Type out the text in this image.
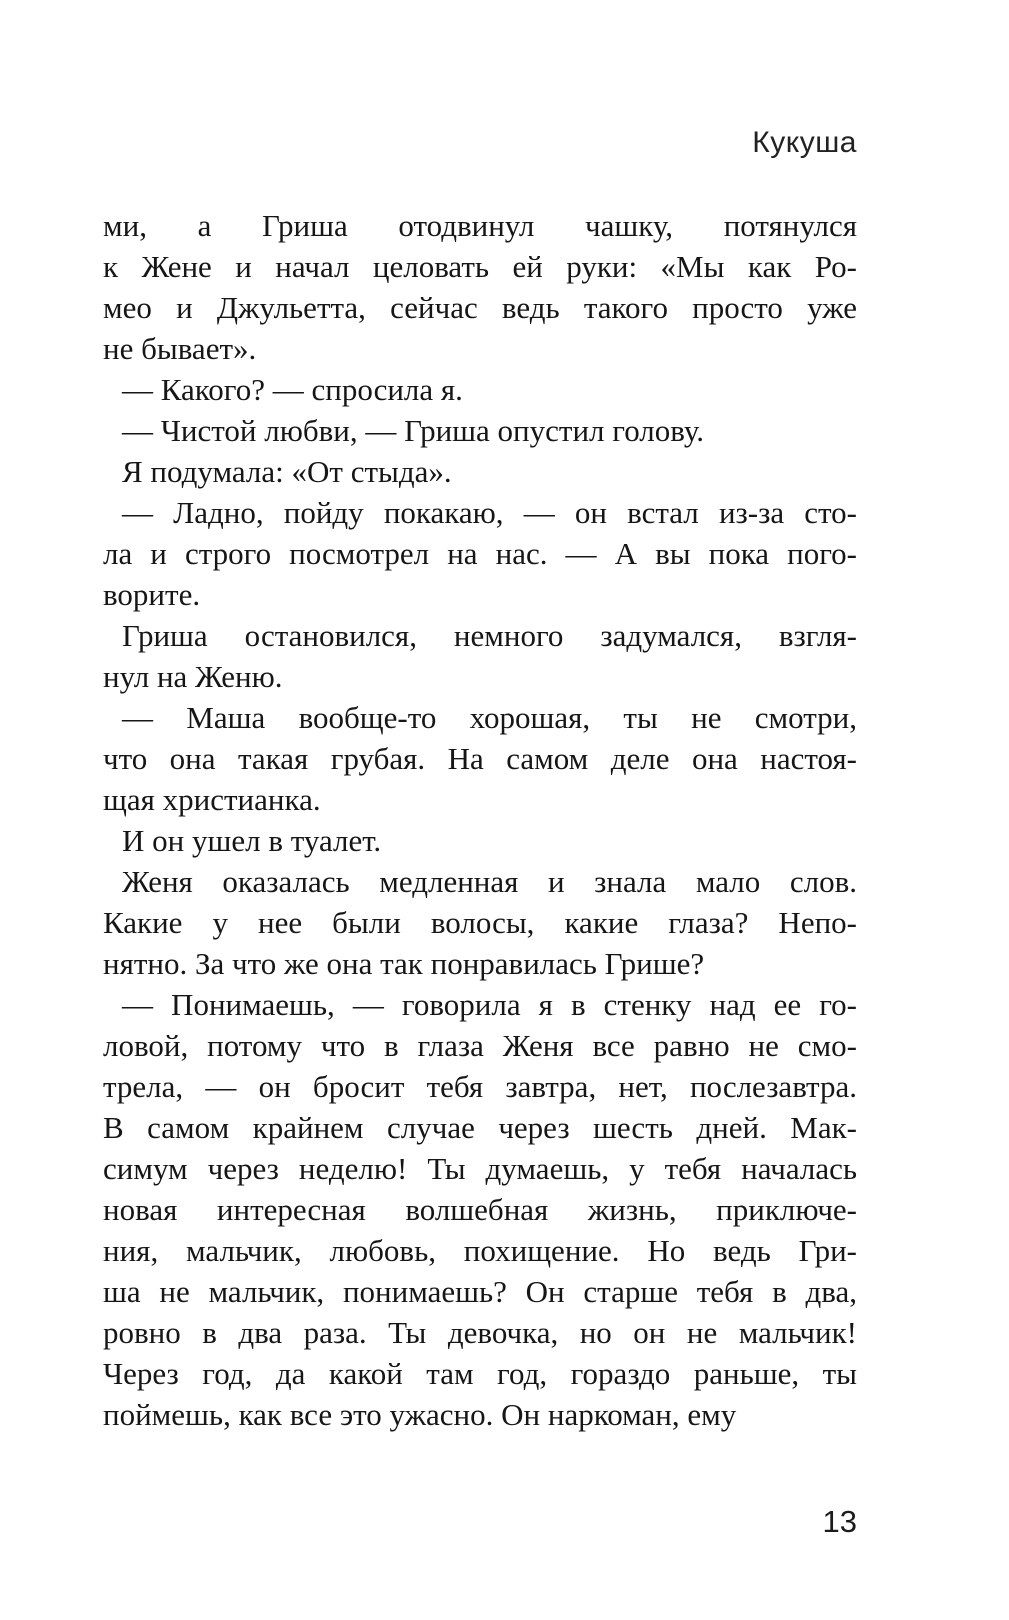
Кукуша
ми, а Гриша отодвинул чашку, потянулся
к Жене и начал целовать ей руки: «Мы как Ро-
мео и Джульетта, сейчас ведь такого просто уже
не бывает».
— Какого? — спросила я.
— Чистой любви, — Гриша опустил голову.
Я подумала: «От стыда».
— Ладно, пойду покакаю, — он встал из-за сто-
ла и строго посмотрел на нас. — А вы пока пого-
ворите.
Гриша остановился, немного задумался, взгля-
нул на Женю.
— Маша вообще-то хорошая, ты не смотри,
что она такая грубая. На самом деле она настоя-
щая христианка.
И он ушел в туалет.
Женя оказалась медленная и знала мало слов.
Какие у нее были волосы, какие глаза? Непо-
нятно. За что же она так понравилась Грише?
— Понимаешь, — говорила я в стенку над ее го-
ловой, потому что в глаза Женя все равно не смо-
трела, — он бросит тебя завтра, нет, послезавтра.
В самом крайнем случае через шесть дней. Мак-
симум через неделю! Ты думаешь, у тебя началась
новая интересная волшебная жизнь, приключе-
ния, мальчик, любовь, похищение. Но ведь Гри-
ша не мальчик, понимаешь? Он старше тебя в два,
ровно в два раза. Ты девочка, но он не мальчик!
Через год, да какой там год, гораздо раньше, ты
поймешь, как все это ужасно. Он наркоман, ему
13
